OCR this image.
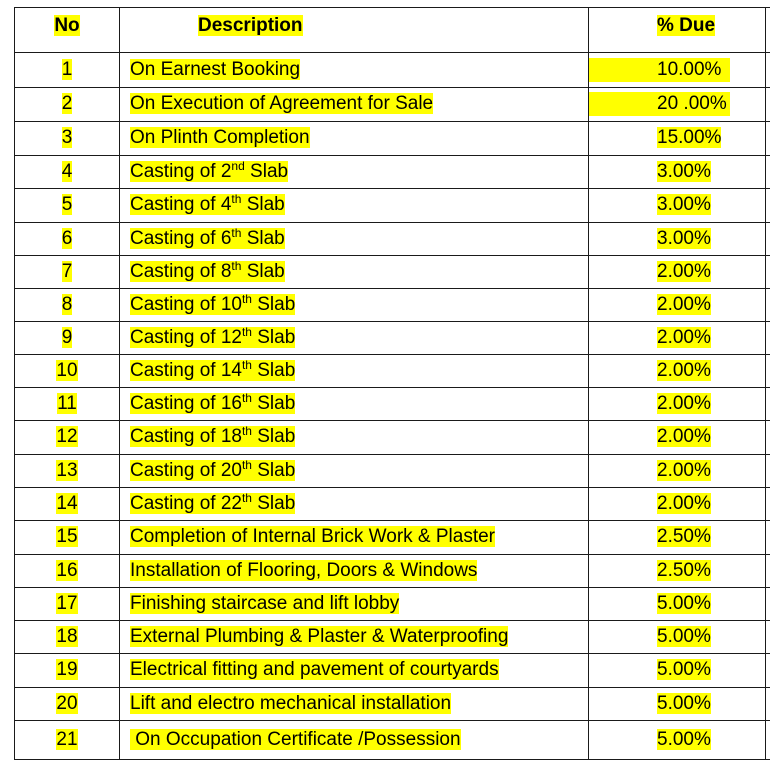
No	Description	% Due
1	On Earnest Booking	10.00%
2	On Execution of Agreement for Sale	20 .00%
3	On Plinth Completion	15.00%
4	Casting of 2nd Slab	3.00%
5	Casting of 4th Slab	3.00%
6	Casting of 6th Slab	3.00%
7	Casting of 8th Slab	2.00%
8	Casting of 10th Slab	2.00%
9	Casting of 12th Slab	2.00%
10	Casting of 14th Slab	2.00%
11	Casting of 16th Slab	2.00%
12	Casting of 18th Slab	2.00%
13	Casting of 20th Slab	2.00%
14	Casting of 22th Slab	2.00%
15	Completion of Internal Brick Work & Plaster	2.50%
16	Installation of Flooring, Doors & Windows	2.50%
17	Finishing staircase and lift lobby	5.00%
18	External Plumbing & Plaster & Waterproofing	5.00%
19	Electrical fitting and pavement of courtyards	5.00%
20	Lift and electro mechanical installation	5.00%
21	On Occupation Certificate /Possession	5.00%
